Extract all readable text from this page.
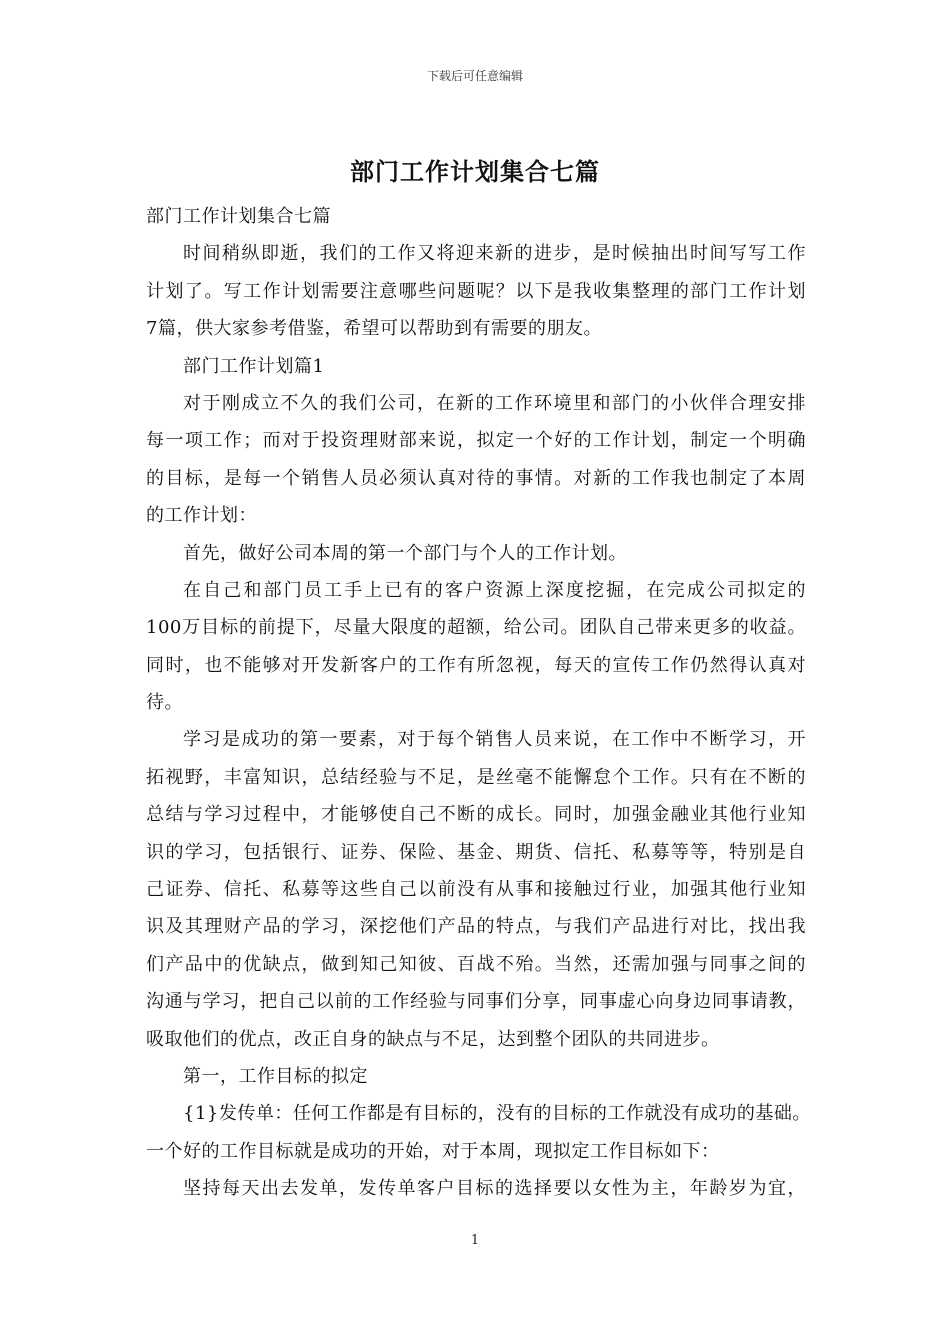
下载后可任意编辑
部门工作计划集合七篇
部门工作计划集合七篇
时间稍纵即逝，我们的工作又将迎来新的进步，是时候抽出时间写写工作
计划了。写工作计划需要注意哪些问题呢？以下是我收集整理的部门工作计划
7篇，供大家参考借鉴，希望可以帮助到有需要的朋友。
部门工作计划篇1
对于刚成立不久的我们公司，在新的工作环境里和部门的小伙伴合理安排
每一项工作；而对于投资理财部来说，拟定一个好的工作计划，制定一个明确
的目标，是每一个销售人员必须认真对待的事情。对新的工作我也制定了本周
的工作计划：
首先，做好公司本周的第一个部门与个人的工作计划。
在自己和部门员工手上已有的客户资源上深度挖掘，在完成公司拟定的
100万目标的前提下，尽量大限度的超额，给公司。团队自己带来更多的收益。
同时，也不能够对开发新客户的工作有所忽视，每天的宣传工作仍然得认真对
待。
学习是成功的第一要素，对于每个销售人员来说，在工作中不断学习，开
拓视野，丰富知识，总结经验与不足，是丝毫不能懈怠个工作。只有在不断的
总结与学习过程中，才能够使自己不断的成长。同时，加强金融业其他行业知
识的学习，包括银行、证券、保险、基金、期货、信托、私募等等，特别是自
己证券、信托、私募等这些自己以前没有从事和接触过行业，加强其他行业知
识及其理财产品的学习，深挖他们产品的特点，与我们产品进行对比，找出我
们产品中的优缺点，做到知己知彼、百战不殆。当然，还需加强与同事之间的
沟通与学习，把自己以前的工作经验与同事们分享，同事虚心向身边同事请教，
吸取他们的优点，改正自身的缺点与不足，达到整个团队的共同进步。
第一，工作目标的拟定
{1}发传单：任何工作都是有目标的，没有的目标的工作就没有成功的基础。
一个好的工作目标就是成功的开始，对于本周，现拟定工作目标如下：
坚持每天出去发单，发传单客户目标的选择要以女性为主，年龄岁为宜，
1
